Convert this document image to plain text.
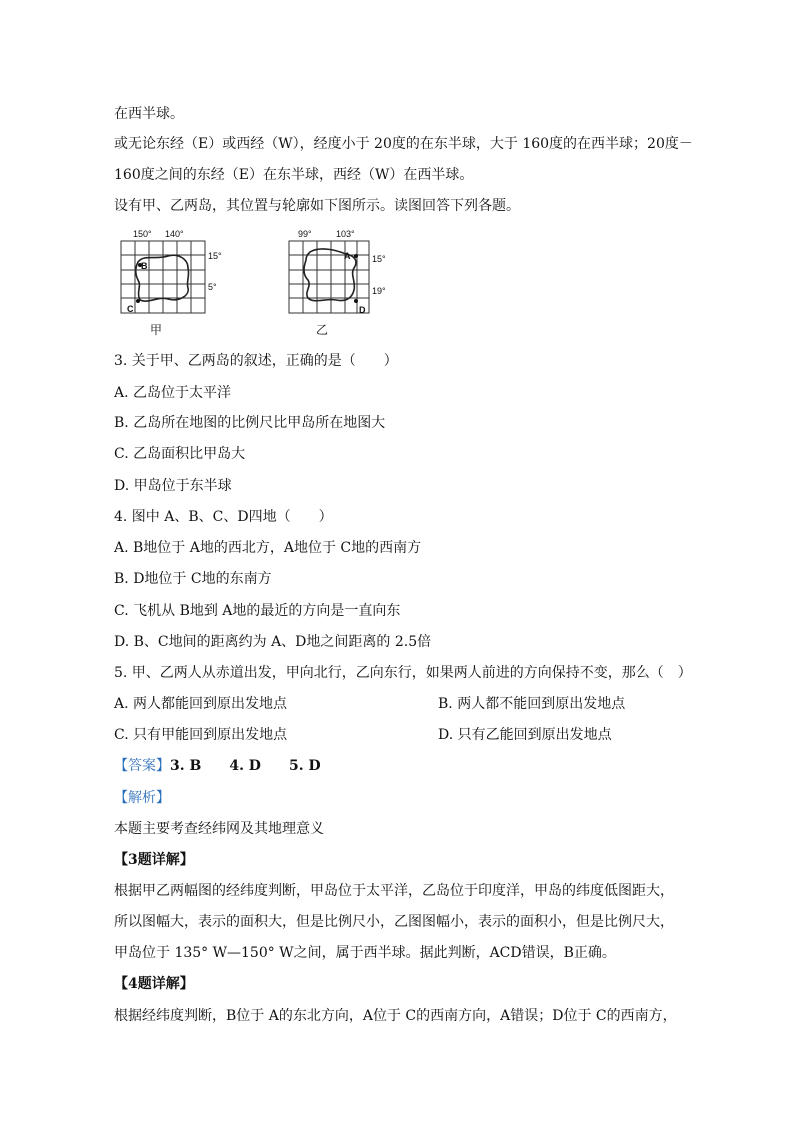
在西半球。
或无论东经（E）或西经（W），经度小于 20度的在东半球，大于 160度的在西半球；20度－
160度之间的东经（E）在东半球，西经（W）在西半球。
设有甲、乙两岛，其位置与轮廓如下图所示。读图回答下列各题。
150° 140°
15°
5°
B
C
甲
99°	103°
15°
19°
A
D
乙
3. 关于甲、乙两岛的叙述，正确的是（　　）
A. 乙岛位于太平洋
B. 乙岛所在地图的比例尺比甲岛所在地图大
C. 乙岛面积比甲岛大
D. 甲岛位于东半球
4. 图中 A、B、C、D四地（　　）
A. B地位于 A地的西北方，A地位于 C地的西南方
B. D地位于 C地的东南方
C. 飞机从 B地到 A地的最近的方向是一直向东
D. B、C地间的距离约为 A、D地之间距离的 2.5倍
5. 甲、乙两人从赤道出发，甲向北行，乙向东行，如果两人前进的方向保持不变，那么（　）
A. 两人都能回到原出发地点	B. 两人都不能回到原出发地点
C. 只有甲能回到原出发地点	D. 只有乙能回到原出发地点
【答案】3. B　　4. D　　5. D
【解析】
本题主要考查经纬网及其地理意义
【3题详解】
根据甲乙两幅图的经纬度判断，甲岛位于太平洋，乙岛位于印度洋，甲岛的纬度低图距大，
所以图幅大，表示的面积大，但是比例尺小，乙图图幅小，表示的面积小，但是比例尺大，
甲岛位于 135° W—150° W之间，属于西半球。据此判断，ACD错误，B正确。
【4题详解】
根据经纬度判断，B位于 A的东北方向，A位于 C的西南方向，A错误；D位于 C的西南方，
